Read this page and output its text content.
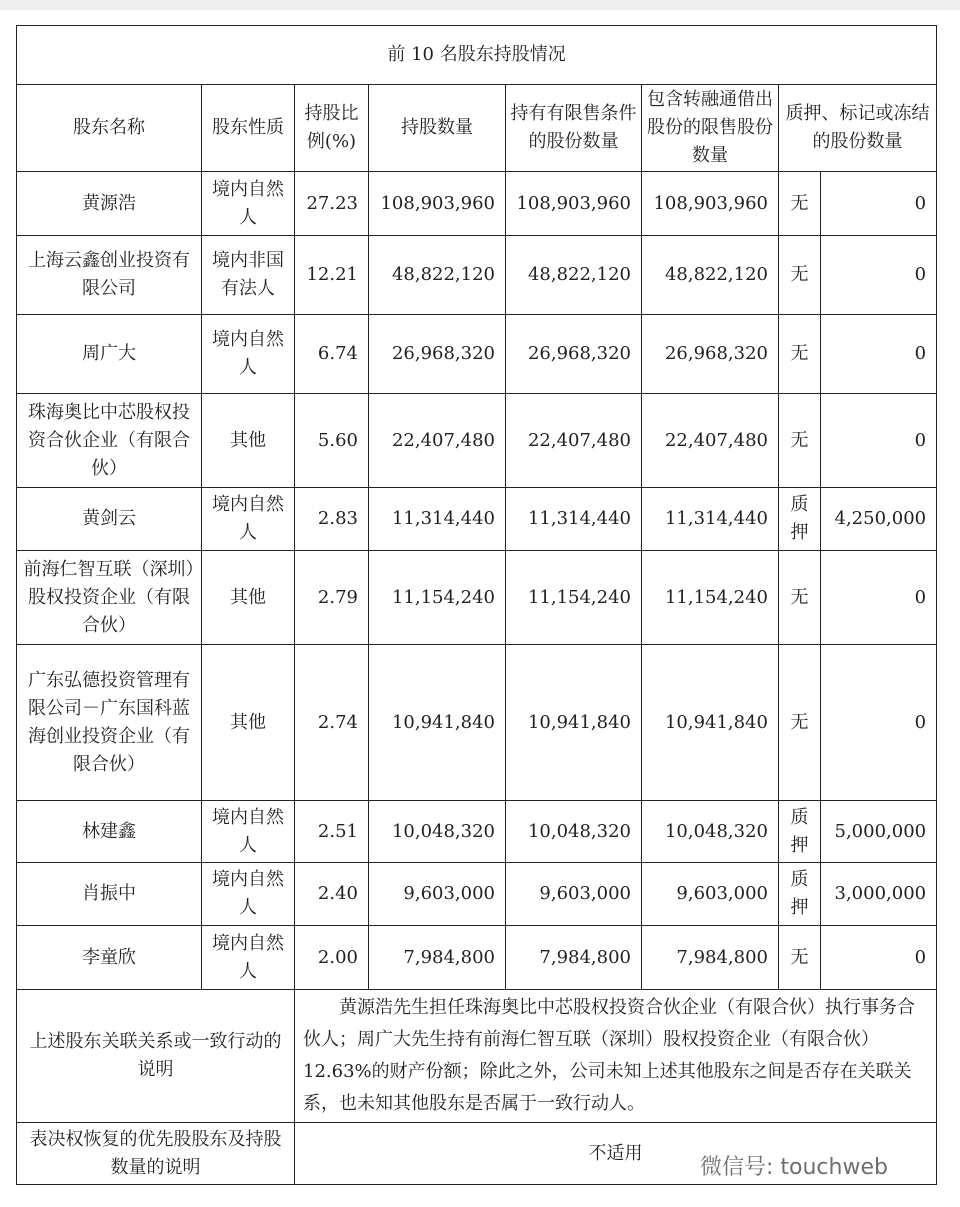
前 10 名股东持股情况							
股东名称	股东性质	持股比例(%)	持股数量	持有有限售条件的股份数量	包含转融通借出股份的限售股份数量	质押、标记或冻结的股份数量	
黄源浩	境内自然人	27.23	108,903,960	108,903,960	108,903,960	无	0
上海云鑫创业投资有限公司	境内非国有法人	12.21	48,822,120	48,822,120	48,822,120	无	0
周广大	境内自然人	6.74	26,968,320	26,968,320	26,968,320	无	0
珠海奥比中芯股权投资合伙企业（有限合伙）	其他	5.60	22,407,480	22,407,480	22,407,480	无	0
黄剑云	境内自然人	2.83	11,314,440	11,314,440	11,314,440	质押	4,250,000
前海仁智互联（深圳）股权投资企业（有限合伙）	其他	2.79	11,154,240	11,154,240	11,154,240	无	0
广东弘德投资管理有限公司－广东国科蓝海创业投资企业（有限合伙）	其他	2.74	10,941,840	10,941,840	10,941,840	无	0
林建鑫	境内自然人	2.51	10,048,320	10,048,320	10,048,320	质押	5,000,000
肖振中	境内自然人	2.40	9,603,000	9,603,000	9,603,000	质押	3,000,000
李童欣	境内自然人	2.00	7,984,800	7,984,800	7,984,800	无	0
上述股东关联关系或一致行动的说明		黄源浩先生担任珠海奥比中芯股权投资合伙企业（有限合伙）执行事务合伙人；周广大先生持有前海仁智互联（深圳）股权投资企业（有限合伙）12.63%的财产份额；除此之外，公司未知上述其他股东之间是否存在关联关系，也未知其他股东是否属于一致行动人。					
表决权恢复的优先股股东及持股数量的说明		不适用					
微信号: touchweb
